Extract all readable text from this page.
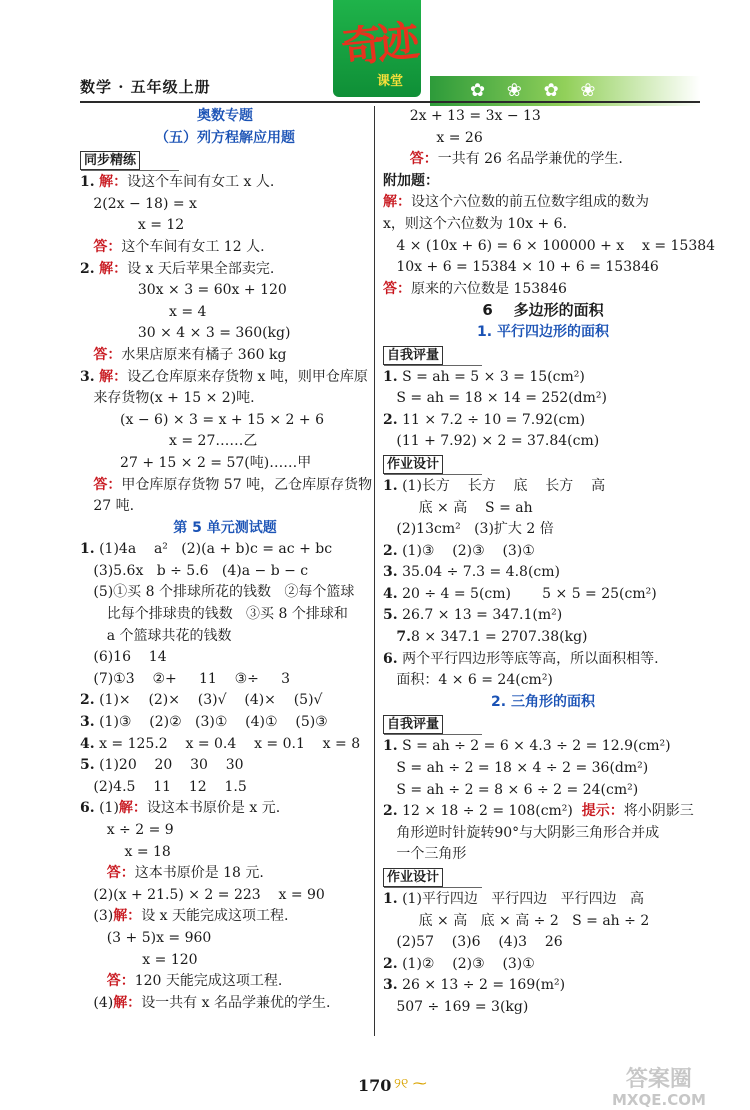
数学 · 五年级上册
奇迹
课堂	✿ ❀ ✿ ❀
奥数专题
（五）列方程解应用题
同步精练
1. 解：设这个车间有女工 x 人.
2(2x − 18) = x
x = 12
答：这个车间有女工 12 人.
2. 解：设 x 天后苹果全部卖完.
30x × 3 = 60x + 120
x = 4
30 × 4 × 3 = 360(kg)
答：水果店原来有橘子 360 kg
3. 解：设乙仓库原来存货物 x 吨，则甲仓库原
来存货物(x + 15 × 2)吨.
(x − 6) × 3 = x + 15 × 2 + 6
x = 27……乙
27 + 15 × 2 = 57(吨)……甲
答：甲仓库原存货物 57 吨，乙仓库原存货物
27 吨.
第 5 单元测试题
1. (1)4a    a²   (2)(a + b)c = ac + bc
(3)5.6x   b ÷ 5.6   (4)a − b − c
(5)①买 8 个排球所花的钱数   ②每个篮球
比每个排球贵的钱数   ③买 8 个排球和
a 个篮球共花的钱数
(6)16    14
(7)①3    ②+     11    ③÷     3
2. (1)×    (2)×    (3)√    (4)×    (5)√
3. (1)③    (2)②   (3)①    (4)①    (5)③
4. x = 125.2    x = 0.4    x = 0.1    x = 8
5. (1)20    20    30    30
(2)4.5    11    12    1.5
6. (1)解：设这本书原价是 x 元.
x ÷ 2 = 9
x = 18
答：这本书原价是 18 元.
(2)(x + 21.5) × 2 = 223    x = 90
(3)解：设 x 天能完成这项工程.
(3 + 5)x = 960
x = 120
答：120 天能完成这项工程.
(4)解：设一共有 x 名品学兼优的学生.
2x + 13 = 3x − 13
x = 26
答：一共有 26 名品学兼优的学生.
附加题：
解：设这个六位数的前五位数字组成的数为
x，则这个六位数为 10x + 6.
4 × (10x + 6) = 6 × 100000 + x    x = 15384
10x + 6 = 15384 × 10 + 6 = 153846
答：原来的六位数是 153846
6    多边形的面积
1. 平行四边形的面积
自我评量
1. S = ah = 5 × 3 = 15(cm²)
S = ah = 18 × 14 = 252(dm²)
2. 11 × 7.2 ÷ 10 = 7.92(cm)
(11 + 7.92) × 2 = 37.84(cm)
作业设计
1. (1)长方    长方    底    长方    高
底 × 高    S = ah
(2)13cm²   (3)扩大 2 倍
2. (1)③    (2)③    (3)①
3. 35.04 ÷ 7.3 = 4.8(cm)
4. 20 ÷ 4 = 5(cm)       5 × 5 = 25(cm²)
5. 26.7 × 13 = 347.1(m²)
7.8 × 347.1 = 2707.38(kg)
6. 两个平行四边形等底等高，所以面积相等.
面积：4 × 6 = 24(cm²)
2. 三角形的面积
自我评量
1. S = ah ÷ 2 = 6 × 4.3 ÷ 2 = 12.9(cm²)
S = ah ÷ 2 = 18 × 4 ÷ 2 = 36(dm²)
S = ah ÷ 2 = 8 × 6 ÷ 2 = 24(cm²)
2. 12 × 18 ÷ 2 = 108(cm²)  提示：将小阴影三
角形逆时针旋转90°与大阴影三角形合并成
一个三角形
作业设计
1. (1)平行四边   平行四边   平行四边   高
底 × 高   底 × 高 ÷ 2   S = ah ÷ 2
(2)57    (3)6    (4)3    26
2. (1)②    (2)③    (3)①
3. 26 × 13 ÷ 2 = 169(m²)
507 ÷ 169 = 3(kg)
170 ୨୧ ⁓	答案圈
MXQE.COM
